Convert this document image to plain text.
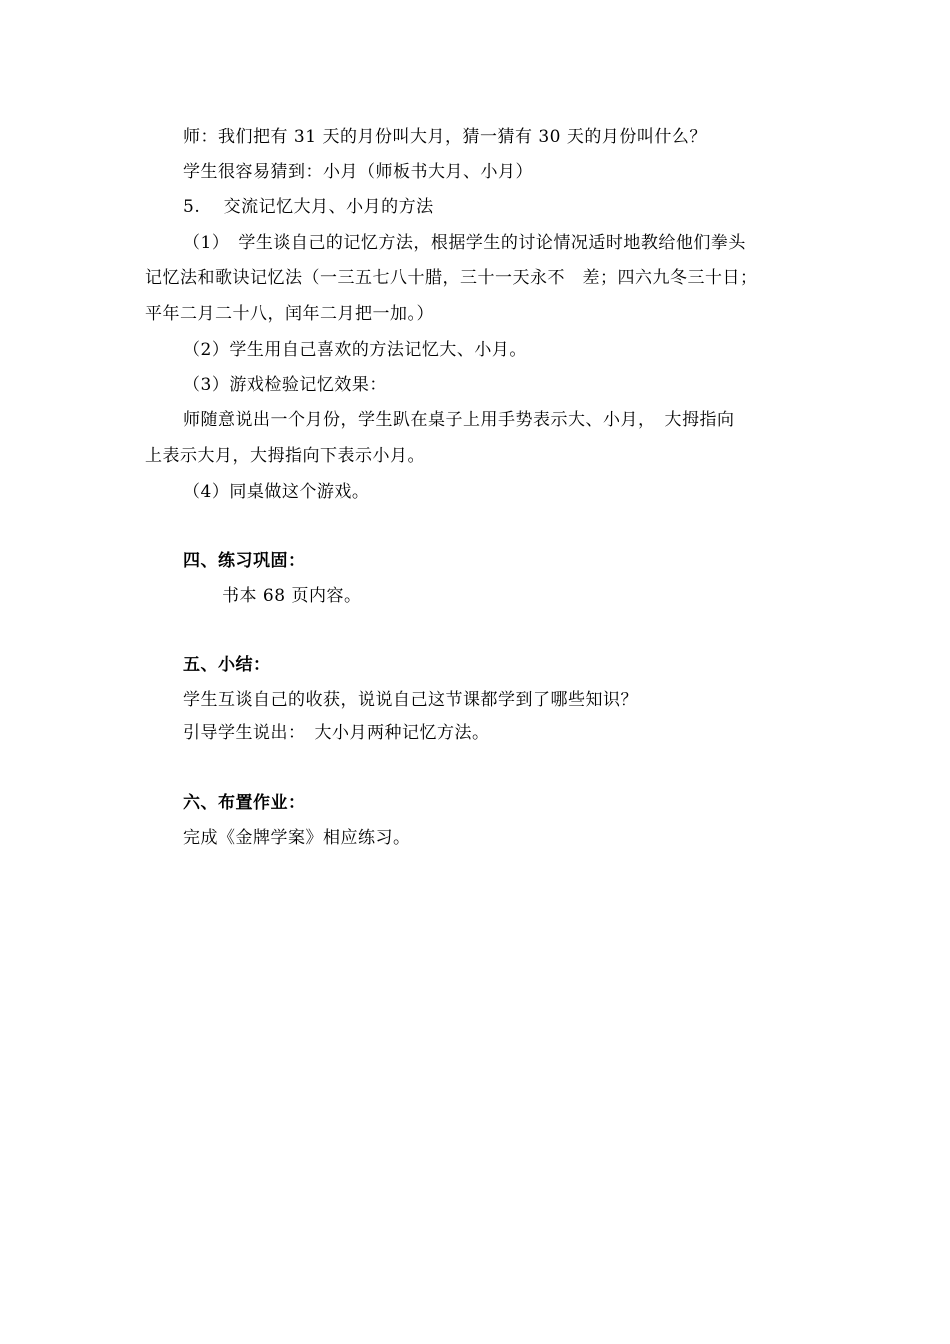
师：我们把有 31 天的月份叫大月，猜一猜有 30 天的月份叫什么？
学生很容易猜到：小月（师板书大月、小月）
5.　 交流记忆大月、小月的方法
（1）　学生谈自己的记忆方法，根据学生的讨论情况适时地教给他们拳头
记忆法和歌诀记忆法（一三五七八十腊，三十一天永不　差；四六九冬三十日；
平年二月二十八，闰年二月把一加。）
（2）学生用自己喜欢的方法记忆大、小月。
（3）游戏检验记忆效果：
师随意说出一个月份，学生趴在桌子上用手势表示大、小月，　大拇指向
上表示大月，大拇指向下表示小月。
（4）同桌做这个游戏。
四、练习巩固：
书本 68 页内容。
五、小结：
学生互谈自己的收获，说说自己这节课都学到了哪些知识？
引导学生说出：　大小月两种记忆方法。
六、布置作业：
完成《金牌学案》相应练习。
